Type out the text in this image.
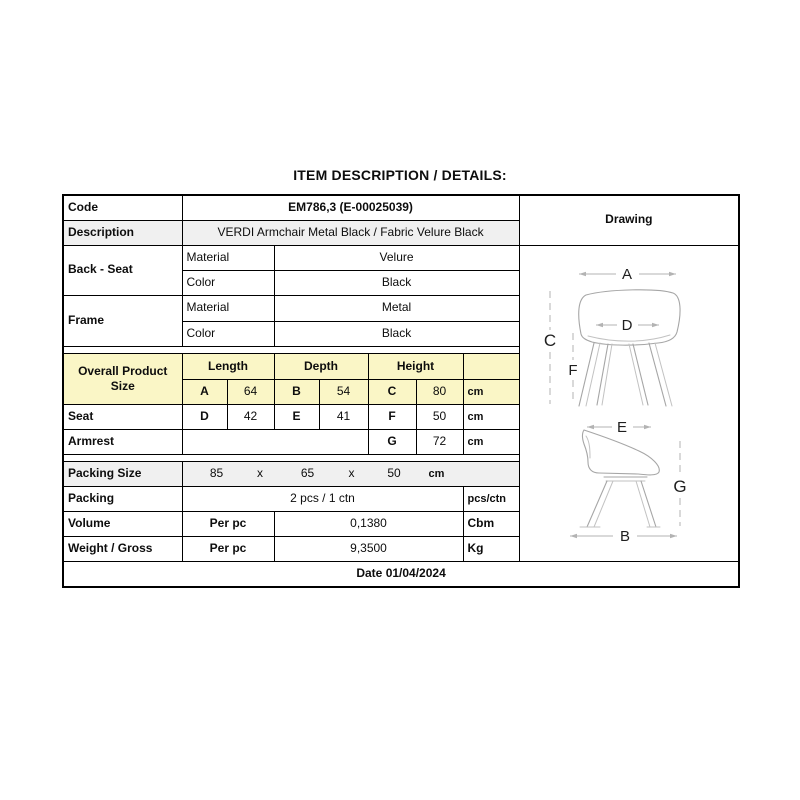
ITEM DESCRIPTION / DETAILS:
Code	EM786,3 (E-00025039)							Drawing
Description	VERDI Armchair Metal Black / Fabric Velure Black							
Back - Seat	Material	Velure	
A
C
F
D
E
G
B

	Color		Black					
Frame	Material		Metal					
	Color		Black					

Overall Product Size	Length		Depth		Height			
	A	64	B	54	C	80	cm	
Seat	D	42	E	41	F	50	cm	
Armrest					G	72	cm	

Packing Size	85	x	65	x	50	cm

Packing	2 pcs / 1 ctn						pcs/ctn	
Volume	Per pc		0,1380				Cbm	
Weight / Gross	Per pc		9,3500				Kg	
Date 01/04/2024								
